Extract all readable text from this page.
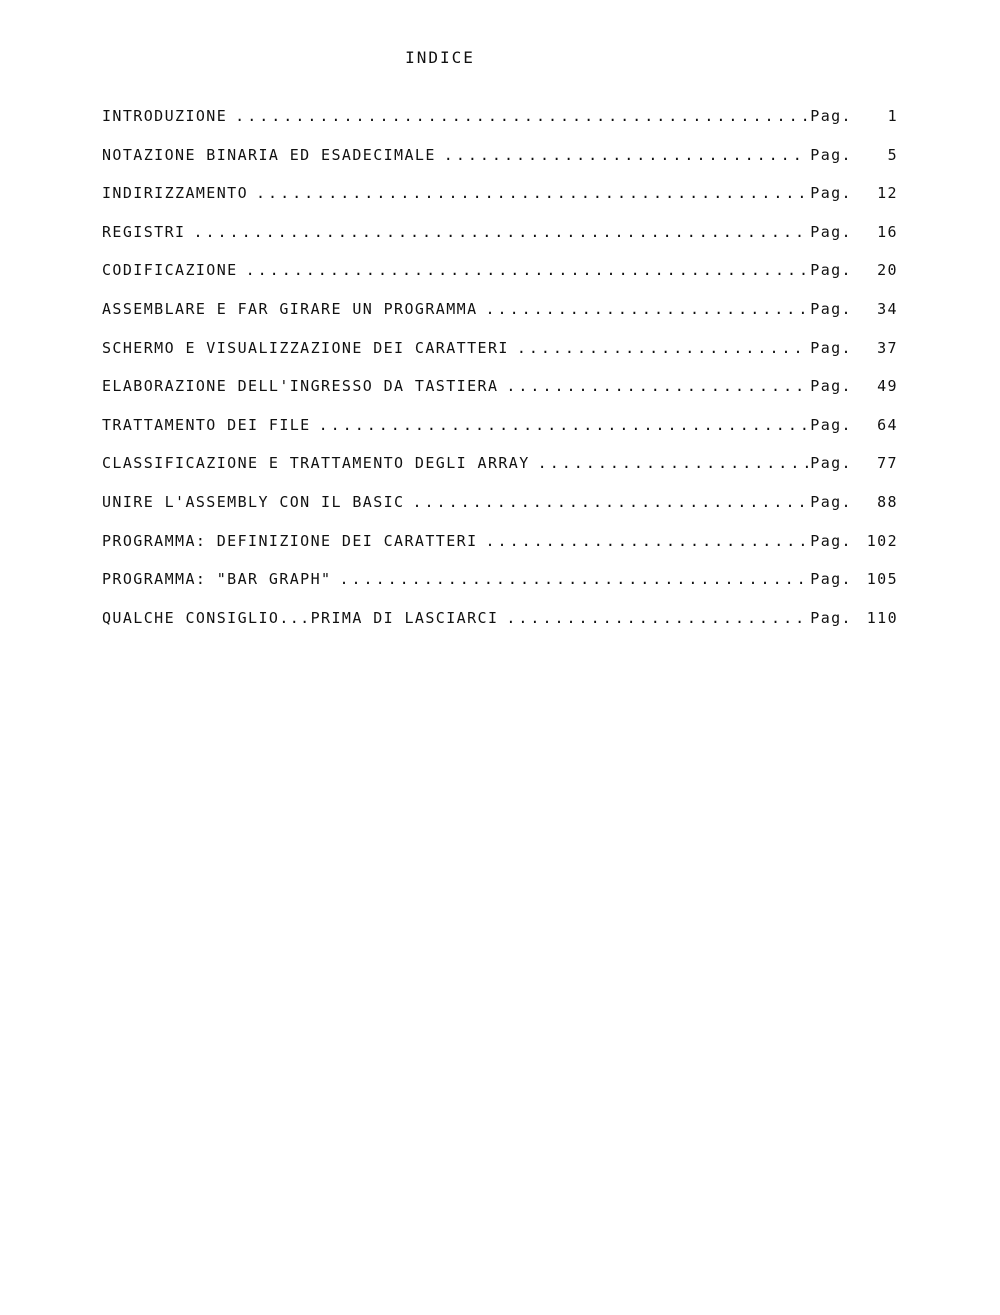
INDICE
INTRODUZIONE .....	Pag.	1
NOTAZIONE BINARIA ED ESADECIMALE .....	Pag.	5
INDIRIZZAMENTO .....	Pag.	12
REGISTRI .....	Pag.	16
CODIFICAZIONE .....	Pag.	20
ASSEMBLARE E FAR GIRARE UN PROGRAMMA .....	Pag.	34
SCHERMO E VISUALIZZAZIONE DEI CARATTERI .....	Pag.	37
ELABORAZIONE DELL'INGRESSO DA TASTIERA .....	Pag.	49
TRATTAMENTO DEI FILE .....	Pag.	64
CLASSIFICAZIONE E TRATTAMENTO DEGLI ARRAY .....	Pag.	77
UNIRE L'ASSEMBLY CON IL BASIC .....	Pag.	88
PROGRAMMA: DEFINIZIONE DEI CARATTERI .....	Pag. 102
PROGRAMMA: "BAR GRAPH" .....	Pag. 105
QUALCHE CONSIGLIO...PRIMA DI LASCIARCI .....	Pag. 110
